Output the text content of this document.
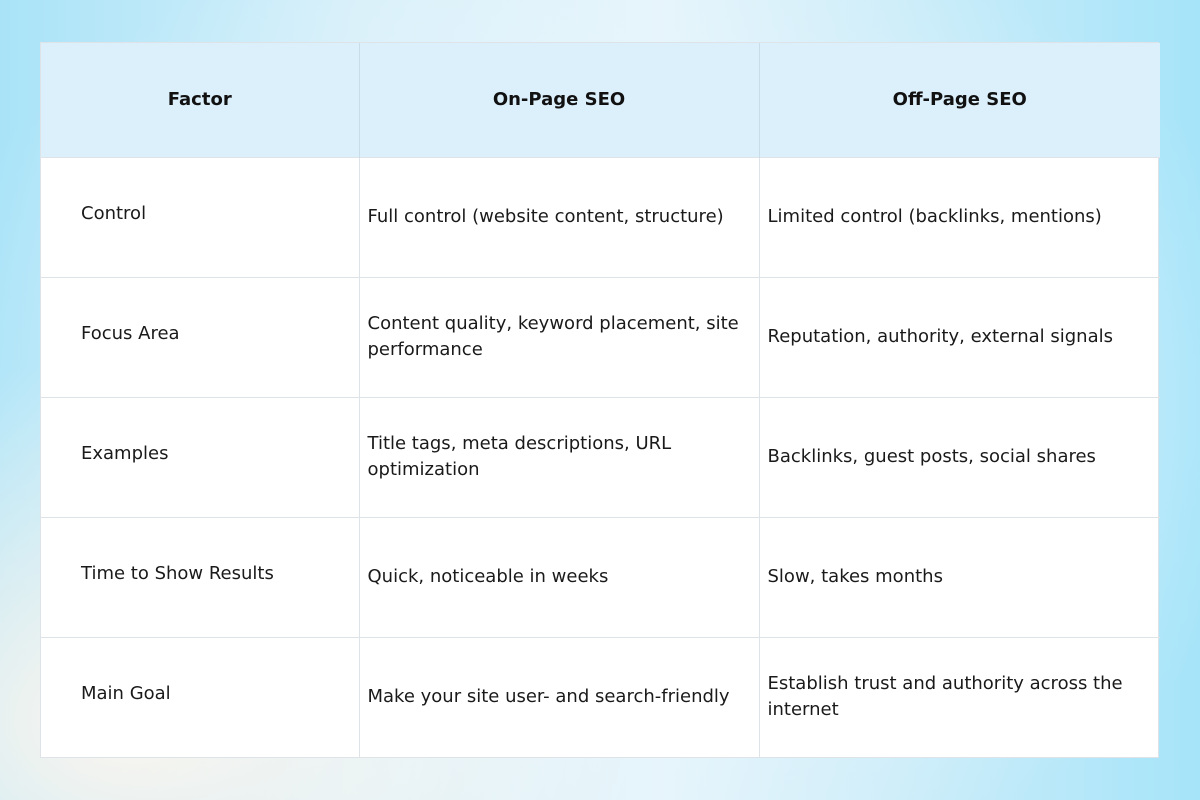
Factor	On-Page SEO	Off-Page SEO
Control	Full control (website content, structure)	Limited control (backlinks, mentions)
Focus Area	Content quality, keyword placement, site performance	Reputation, authority, external signals
Examples	Title tags, meta descriptions, URL optimization	Backlinks, guest posts, social shares
Time to Show Results	Quick, noticeable in weeks	Slow, takes months
Main Goal	Make your site user- and search-friendly	Establish trust and authority across the internet
